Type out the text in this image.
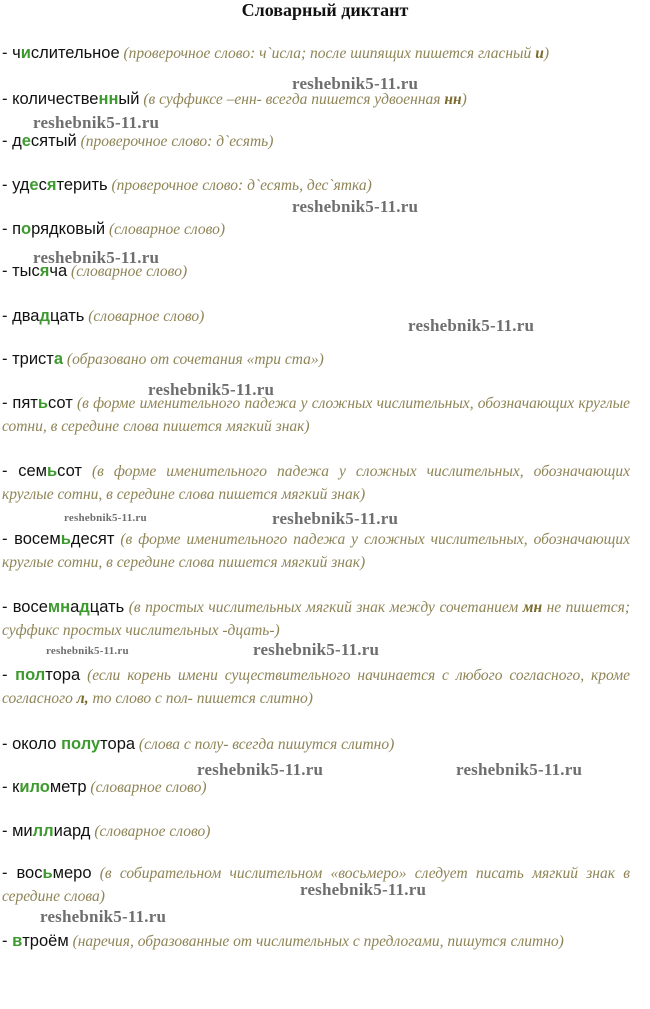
Словарный диктант
- числительное (проверочное слово: ч`исла; после шипящих пишется гласный и)
- количественный (в суффиксе –енн- всегда пишется удвоенная нн)
- десятый (проверочное слово: д`есять)
- удесятерить (проверочное слово: д`есять, дес`ятка)
- порядковый (словарное слово)
- тысяча (словарное слово)
- двадцать (словарное слово)
- триста (образовано от сочетания «три ста»)
- пятьсот (в форме именительного падежа у сложных числительных, обозначающих круглые сотни, в середине слова пишется мягкий знак)
- семьсот (в форме именительного падежа у сложных числительных, обозначающих круглые сотни, в середине слова пишется мягкий знак)
- восемьдесят (в форме именительного падежа у сложных числительных, обозначающих круглые сотни, в середине слова пишется мягкий знак)
- восемнадцать (в простых числительных мягкий знак между сочетанием мн не пишется; суффикс простых числительных -дцать-)
- полтора (если корень имени существительного начинается с любого согласного, кроме согласного л, то слово с пол- пишется слитно)
- около полутора (слова с полу- всегда пишутся слитно)
- километр (словарное слово)
- миллиард (словарное слово)
- восьмеро (в собирательном числительном «восьмеро» следует писать мягкий знак в середине слова)
- втроём (наречия, образованные от числительных с предлогами, пишутся слитно)
reshebnik5-11.ru
reshebnik5-11.ru
reshebnik5-11.ru
reshebnik5-11.ru
reshebnik5-11.ru
reshebnik5-11.ru
reshebnik5-11.ru	reshebnik5-11.ru
reshebnik5-11.ru	reshebnik5-11.ru
reshebnik5-11.ru	reshebnik5-11.ru
reshebnik5-11.ru
reshebnik5-11.ru
